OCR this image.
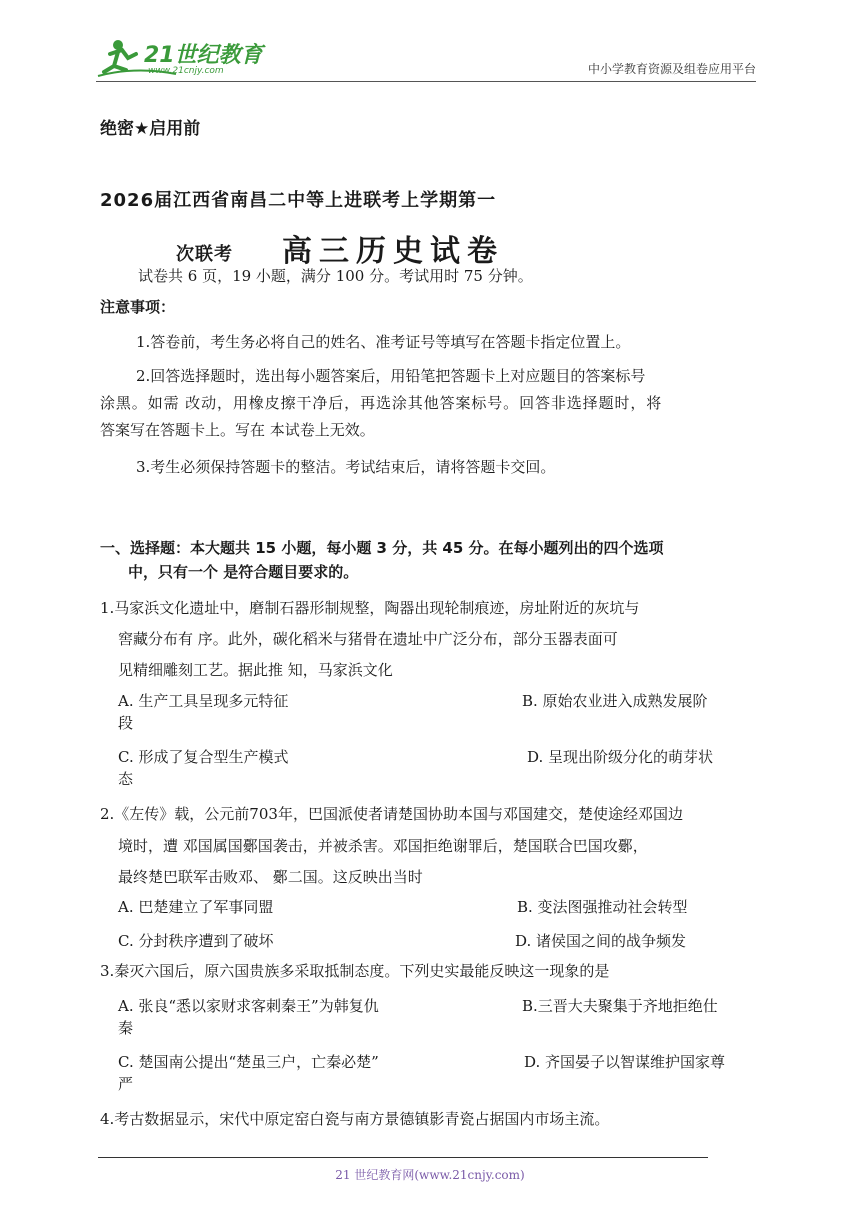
21世纪教育
www.21cnjy.com	中小学教育资源及组卷应用平台
绝密★启用前
2026届江西省南昌二中等上进联考上学期第一
次联考 高三历史试卷
试卷共 6 页，19 小题，满分 100 分。考试用时 75 分钟。
注意事项：
1.答卷前，考生务必将自己的姓名、准考证号等填写在答题卡指定位置上。
2.回答选择题时，选出每小题答案后，用铅笔把答题卡上对应题目的答案标号
涂黑。如需 改动，用橡皮擦干净后，再选涂其他答案标号。回答非选择题时，将
答案写在答题卡上。写在 本试卷上无效。
3.考生必须保持答题卡的整洁。考试结束后，请将答题卡交回。
一、选择题：本大题共 15 小题，每小题 3 分，共 45 分。在每小题列出的四个选项
中，只有一个 是符合题目要求的。
1.马家浜文化遗址中，磨制石器形制规整，陶器出现轮制痕迹，房址附近的灰坑与
窖藏分布有 序。此外，碳化稻米与猪骨在遗址中广泛分布，部分玉器表面可
见精细雕刻工艺。据此推 知，马家浜文化
A. 生产工具呈现多元特征	B. 原始农业进入成熟发展阶
段
C. 形成了复合型生产模式	D. 呈现出阶级分化的萌芽状
态
2.《左传》载，公元前703年，巴国派使者请楚国协助本国与邓国建交，楚使途经邓国边
境时，遭 邓国属国鄾国袭击，并被杀害。邓国拒绝谢罪后，楚国联合巴国攻鄾，
最终楚巴联军击败邓、 鄾二国。这反映出当时
A. 巴楚建立了军事同盟	B. 变法图强推动社会转型
C. 分封秩序遭到了破坏	D. 诸侯国之间的战争频发
3.秦灭六国后，原六国贵族多采取抵制态度。下列史实最能反映这一现象的是
A. 张良“悉以家财求客刺秦王”为韩复仇	B.三晋大夫聚集于齐地拒绝仕
秦
C. 楚国南公提出“楚虽三户，亡秦必楚”	D. 齐国晏子以智谋维护国家尊
严
4.考古数据显示，宋代中原定窑白瓷与南方景德镇影青瓷占据国内市场主流。
21 世纪教育网(www.21cnjy.com)
